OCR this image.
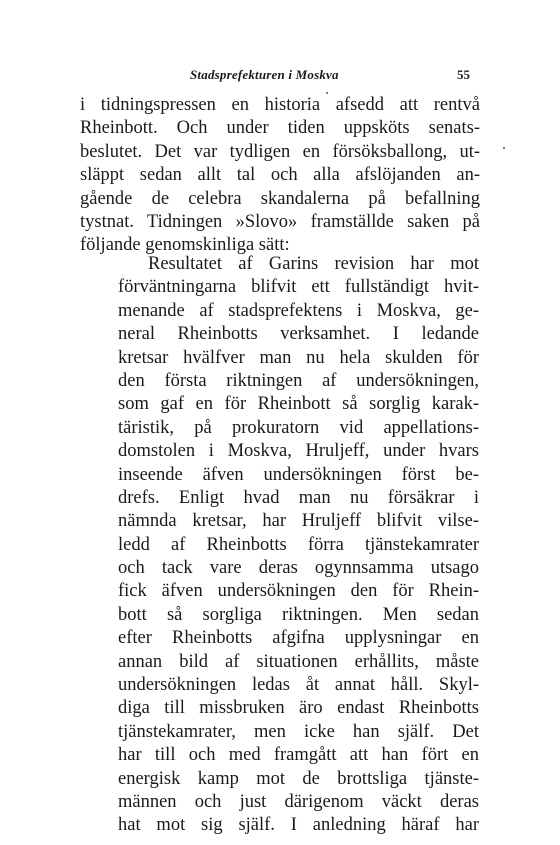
Stadsprefekturen i Moskva	55
i tidningspressen en historia afsedd att rentvå
Rheinbott. Och under tiden uppsköts senats-
beslutet. Det var tydligen en försöksballong, ut-
släppt sedan allt tal och alla afslöjanden an-
gående de celebra skandalerna på befallning
tystnat. Tidningen »Slovo» framställde saken på
följande genomskinliga sätt:
Resultatet af Garins revision har mot
förväntningarna blifvit ett fullständigt hvit-
menande af stadsprefektens i Moskva, ge-
neral Rheinbotts verksamhet. I ledande
kretsar hvälfver man nu hela skulden för
den första riktningen af undersökningen,
som gaf en för Rheinbott så sorglig karak-
täristik, på prokuratorn vid appellations-
domstolen i Moskva, Hruljeff, under hvars
inseende äfven undersökningen först be-
drefs. Enligt hvad man nu försäkrar i
nämnda kretsar, har Hruljeff blifvit vilse-
ledd af Rheinbotts förra tjänstekamrater
och tack vare deras ogynnsamma utsago
fick äfven undersökningen den för Rhein-
bott så sorgliga riktningen. Men sedan
efter Rheinbotts afgifna upplysningar en
annan bild af situationen erhållits, måste
undersökningen ledas åt annat håll. Skyl-
diga till missbruken äro endast Rheinbotts
tjänstekamrater, men icke han själf. Det
har till och med framgått att han fört en
energisk kamp mot de brottsliga tjänste-
männen och just därigenom väckt deras
hat mot sig själf. I anledning häraf har
